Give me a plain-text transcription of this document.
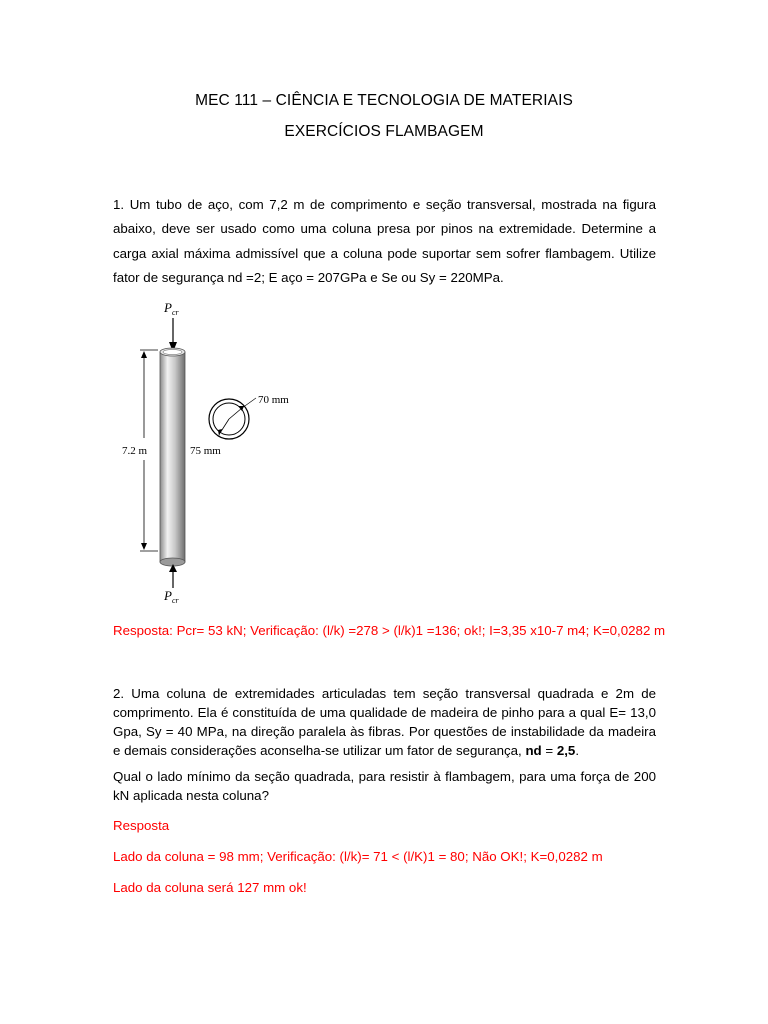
MEC 111 – CIÊNCIA E TECNOLOGIA DE MATERIAIS
EXERCÍCIOS FLAMBAGEM
1. Um tubo de aço, com 7,2 m de comprimento e seção transversal, mostrada na figura abaixo, deve ser usado como uma coluna presa por pinos na extremidade. Determine a carga axial máxima admissível que a coluna pode suportar sem sofrer flambagem. Utilize fator de segurança nd =2; E aço = 207GPa e Se ou Sy = 220MPa.
$P_{cr}$
7.2 m
70 mm
75 mm
$P_{cr}$
Resposta: Pcr= 53 kN; Verificação: (l/k) =278 > (l/k)1 =136; ok!; I=3,35 x10-7 m4; K=0,0282 m
2. Uma coluna de extremidades articuladas tem seção transversal quadrada e 2m de comprimento. Ela é constituída de uma qualidade de madeira de pinho para a qual E= 13,0 Gpa, Sy = 40 MPa, na direção paralela às fibras. Por questões de instabilidade da madeira e demais considerações aconselha-se utilizar um fator de segurança, nd = 2,5.
Qual o lado mínimo da seção quadrada, para resistir à flambagem, para uma força de 200 kN aplicada nesta coluna?
Resposta
Lado da coluna = 98 mm; Verificação: (l/k)= 71 < (l/K)1 = 80; Não OK!; K=0,0282 m
Lado da coluna será 127 mm ok!
